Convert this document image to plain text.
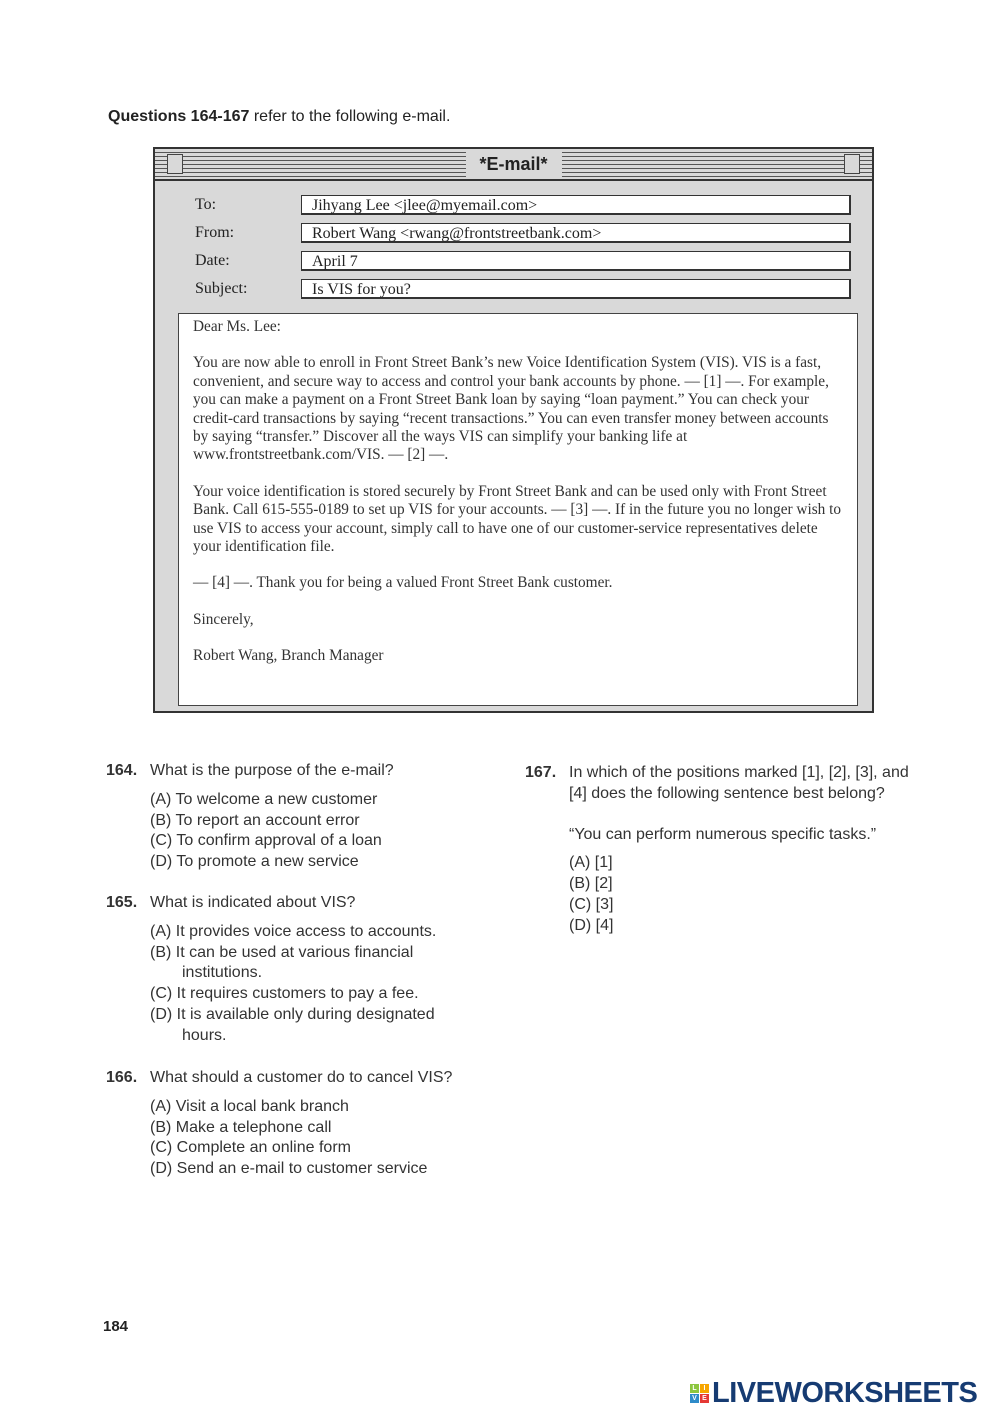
Questions 164-167 refer to the following e-mail.
*E-mail*
To:	Jihyang Lee <jlee@myemail.com>
From:	Robert Wang <rwang@frontstreetbank.com>
Date:	April 7
Subject:	Is VIS for you?

Dear Ms. Lee:

You are now able to enroll in Front Street Bank’s new Voice Identification System (VIS). VIS is a fast, convenient, and secure way to access and control your bank accounts by phone. — [1] —. For example, you can make a payment on a Front Street Bank loan by saying “loan payment.” You can check your credit-card transactions by saying “recent transactions.” You can even transfer money between accounts by saying “transfer.” Discover all the ways VIS can simplify your banking life at www.frontstreetbank.com/VIS. — [2] —.

Your voice identification is stored securely by Front Street Bank and can be used only with Front Street Bank. Call 615-555-0189 to set up VIS for your accounts. — [3] —. If in the future you no longer wish to use VIS to access your account, simply call to have one of our customer-service representatives delete your identification file.

— [4] —. Thank you for being a valued Front Street Bank customer.

Sincerely,

Robert Wang, Branch Manager

164. What is the purpose of the e-mail?
(A) To welcome a new customer
(B) To report an account error
(C) To confirm approval of a loan
(D) To promote a new service
165. What is indicated about VIS?
(A) It provides voice access to accounts.
(B) It can be used at various financial institutions.
(C) It requires customers to pay a fee.
(D) It is available only during designated hours.
166. What should a customer do to cancel VIS?
(A) Visit a local bank branch
(B) Make a telephone call
(C) Complete an online form
(D) Send an e-mail to customer service
167. In which of the positions marked [1], [2], [3], and [4] does the following sentence best belong?
“You can perform numerous specific tasks.”
(A) [1]
(B) [2]
(C) [3]
(D) [4]
184
L I
V E LIVEWORKSHEETS
